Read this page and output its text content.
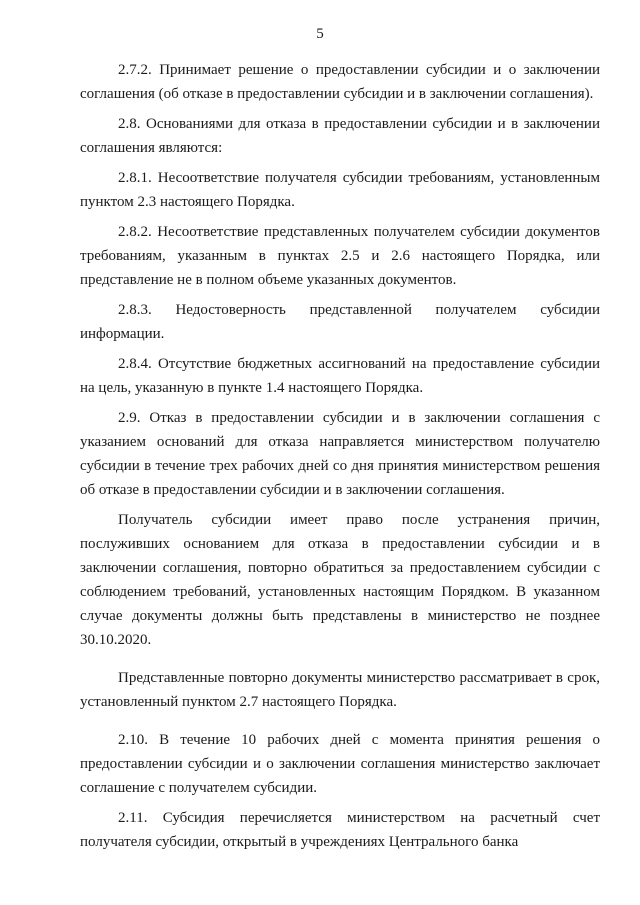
5

2.7.2. Принимает решение о предоставлении субсидии и о заключении соглашения (об отказе в предоставлении субсидии и в заключении соглашения).

2.8. Основаниями для отказа в предоставлении субсидии и в заключении соглашения являются:

2.8.1. Несоответствие получателя субсидии требованиям, установленным пунктом 2.3 настоящего Порядка.

2.8.2. Несоответствие представленных получателем субсидии документов требованиям, указанным в пунктах 2.5 и 2.6 настоящего Порядка, или представление не в полном объеме указанных документов.

2.8.3. Недостоверность представленной получателем субсидии информации.

2.8.4. Отсутствие бюджетных ассигнований на предоставление субсидии на цель, указанную в пункте 1.4 настоящего Порядка.

2.9. Отказ в предоставлении субсидии и в заключении соглашения с указанием оснований для отказа направляется министерством получателю субсидии в течение трех рабочих дней со дня принятия министерством решения об отказе в предоставлении субсидии и в заключении соглашения.

Получатель субсидии имеет право после устранения причин, послуживших основанием для отказа в предоставлении субсидии и в заключении соглашения, повторно обратиться за предоставлением субсидии с соблюдением требований, установленных настоящим Порядком. В указанном случае документы должны быть представлены в министерство не позднее 30.10.2020.

Представленные повторно документы министерство рассматривает в срок, установленный пунктом 2.7 настоящего Порядка.

2.10. В течение 10 рабочих дней с момента принятия решения о предоставлении субсидии и о заключении соглашения министерство заключает соглашение с получателем субсидии.

2.11. Субсидия перечисляется министерством на расчетный счет получателя субсидии, открытый в учреждениях Центрального банка
